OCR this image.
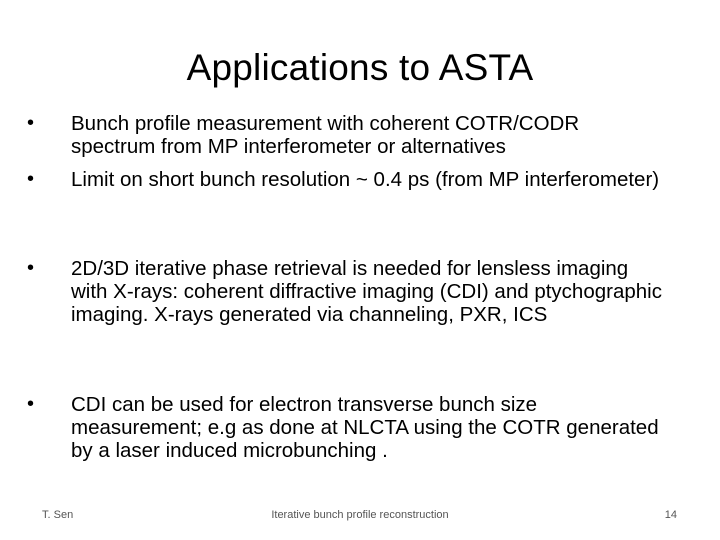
Applications to ASTA
•	Bunch profile measurement with coherent COTR/CODR spectrum from MP interferometer or alternatives
•	Limit on short bunch resolution ~ 0.4 ps (from MP interferometer)
•	2D/3D iterative phase retrieval is needed for lensless imaging with X-rays: coherent diffractive imaging (CDI) and ptychographic imaging. X-rays generated via channeling, PXR, ICS
•	CDI can be used for electron transverse bunch size measurement; e.g as done at NLCTA using the COTR generated by a laser induced microbunching .
T. Sen	Iterative bunch profile reconstruction	14
